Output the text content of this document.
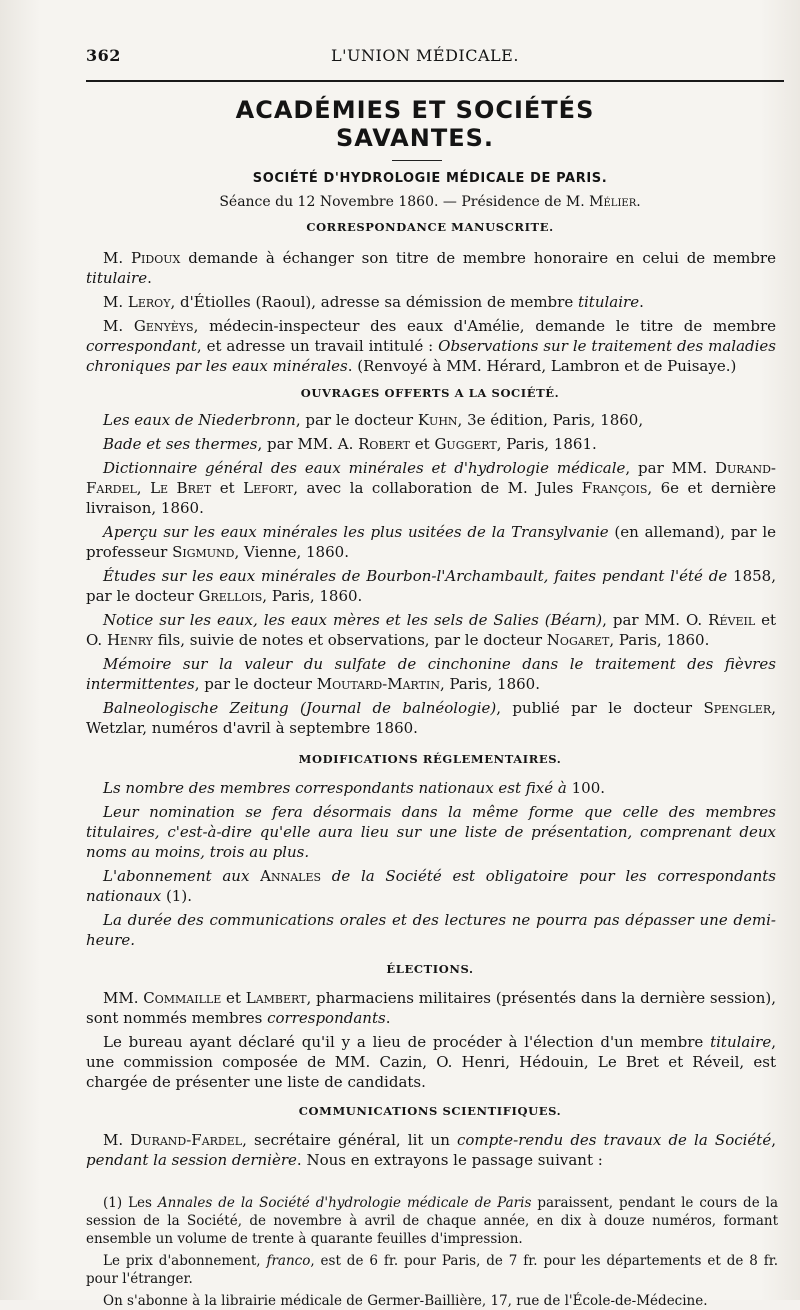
362	L'UNION MÉDICALE.
ACADÉMIES ET SOCIÉTÉS SAVANTES.
SOCIÉTÉ D'HYDROLOGIE MÉDICALE DE PARIS.
Séance du 12 Novembre 1860. — Présidence de M. Mélier.
CORRESPONDANCE MANUSCRITE.

M. Pidoux demande à échanger son titre de membre honoraire en celui de membre titulaire.

M. Leroy, d'Étiolles (Raoul), adresse sa démission de membre titulaire.

M. Genyèys, médecin-inspecteur des eaux d'Amélie, demande le titre de membre correspondant, et adresse un travail intitulé : Observations sur le traitement des maladies chroniques par les eaux minérales. (Renvoyé à MM. Hérard, Lambron et de Puisaye.)

OUVRAGES OFFERTS A LA SOCIÉTÉ.

Les eaux de Niederbronn, par le docteur Kuhn, 3e édition, Paris, 1860,

Bade et ses thermes, par MM. A. Robert et Guggert, Paris, 1861.

Dictionnaire général des eaux minérales et d'hydrologie médicale, par MM. Durand-Fardel, Le Bret et Lefort, avec la collaboration de M. Jules François, 6e et dernière livraison, 1860.

Aperçu sur les eaux minérales les plus usitées de la Transylvanie (en allemand), par le professeur Sigmund, Vienne, 1860.

Études sur les eaux minérales de Bourbon-l'Archambault, faites pendant l'été de 1858, par le docteur Grellois, Paris, 1860.

Notice sur les eaux, les eaux mères et les sels de Salies (Béarn), par MM. O. Réveil et O. Henry fils, suivie de notes et observations, par le docteur Nogaret, Paris, 1860.

Mémoire sur la valeur du sulfate de cinchonine dans le traitement des fièvres intermittentes, par le docteur Moutard-Martin, Paris, 1860.

Balneologische Zeitung (Journal de balnéologie), publié par le docteur Spengler, Wetzlar, numéros d'avril à septembre 1860.

MODIFICATIONS RÉGLEMENTAIRES.

Ls nombre des membres correspondants nationaux est fixé à 100.

Leur nomination se fera désormais dans la même forme que celle des membres titulaires, c'est-à-dire qu'elle aura lieu sur une liste de présentation, comprenant deux noms au moins, trois au plus.

L'abonnement aux Annales de la Société est obligatoire pour les correspondants nationaux (1).

La durée des communications orales et des lectures ne pourra pas dépasser une demi-heure.

ÉLECTIONS.

MM. Commaille et Lambert, pharmaciens militaires (présentés dans la dernière session), sont nommés membres correspondants.

Le bureau ayant déclaré qu'il y a lieu de procéder à l'élection d'un membre titulaire, une commission composée de MM. Cazin, O. Henri, Hédouin, Le Bret et Réveil, est chargée de présenter une liste de candidats.

COMMUNICATIONS SCIENTIFIQUES.

M. Durand-Fardel, secrétaire général, lit un compte-rendu des travaux de la Société, pendant la session dernière. Nous en extrayons le passage suivant :

(1) Les Annales de la Société d'hydrologie médicale de Paris paraissent, pendant le cours de la session de la Société, de novembre à avril de chaque année, en dix à douze numéros, formant ensemble un volume de trente à quarante feuilles d'impression.

Le prix d'abonnement, franco, est de 6 fr. pour Paris, de 7 fr. pour les départements et de 8 fr. pour l'étranger.

On s'abonne à la librairie médicale de Germer-Baillière, 17, rue de l'École-de-Médecine.
